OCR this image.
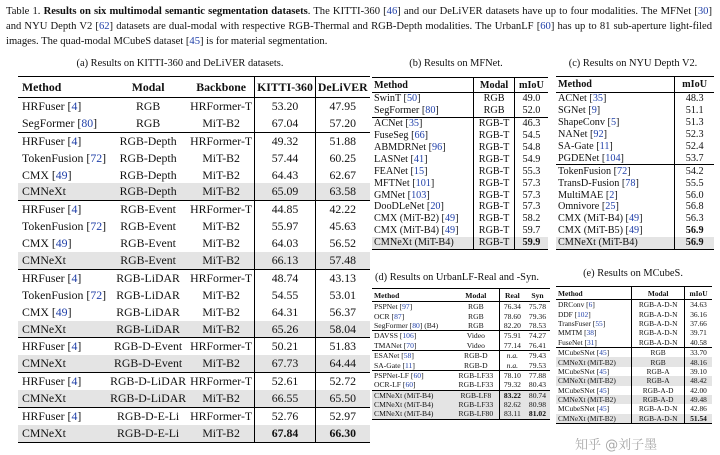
Table 1. Results on six multimodal semantic segmentation datasets. The KITTI-360 [46] and our DeLiVER datasets have up to four modalities. The MFNet [30] and NYU Depth V2 [62] datasets are dual-modal with respective RGB-Thermal and RGB-Depth modalities. The UrbanLF [60] has up to 81 sub-aperture light-filed images. The quad-modal MCubeS dataset [45] is for material segmentation.
(a) Results on KITTI-360 and DeLiVER datasets.	(b) Results on MFNet.	(c) Results on NYU Depth V2.
(d) Results on UrbanLF-Real and -Syn.	(e) Results on MCubeS.
Method	Modal	Backbone	KITTI-360	DeLiVER
HRFuser [4]	RGB	HRFormer-T	53.20	47.95
SegFormer [80]	RGB	MiT-B2	67.04	57.20
HRFuser [4]	RGB-Depth	HRFormer-T	49.32	51.88
TokenFusion [72]	RGB-Depth	MiT-B2	57.44	60.25
CMX [49]	RGB-Depth	MiT-B2	64.43	62.67
CMNeXt	RGB-Depth	MiT-B2	65.09	63.58
HRFuser [4]	RGB-Event	HRFormer-T	44.85	42.22
TokenFusion [72]	RGB-Event	MiT-B2	55.97	45.63
CMX [49]	RGB-Event	MiT-B2	64.03	56.52
CMNeXt	RGB-Event	MiT-B2	66.13	57.48
HRFuser [4]	RGB-LiDAR	HRFormer-T	48.74	43.13
TokenFusion [72]	RGB-LiDAR	MiT-B2	54.55	53.01
CMX [49]	RGB-LiDAR	MiT-B2	64.31	56.37
CMNeXt	RGB-LiDAR	MiT-B2	65.26	58.04
HRFuser [4]	RGB-D-Event	HRFormer-T	50.21	51.83
CMNeXt	RGB-D-Event	MiT-B2	67.73	64.44
HRFuser [4]	RGB-D-LiDAR	HRFormer-T	52.61	52.72
CMNeXt	RGB-D-LiDAR	MiT-B2	66.55	65.50
HRFuser [4]	RGB-D-E-Li	HRFormer-T	52.76	52.97
CMNeXt	RGB-D-E-Li	MiT-B2	67.84	66.30
Method	Modal	mIoU
SwinT [50]	RGB	49.0
SegFormer [80]	RGB	52.0
ACNet [35]	RGB-T	46.3
FuseSeg [66]	RGB-T	54.5
ABMDRNet [96]	RGB-T	54.8
LASNet [41]	RGB-T	54.9
FEANet [15]	RGB-T	55.3
MFTNet [101]	RGB-T	57.3
GMNet [103]	RGB-T	57.3
DooDLeNet [20]	RGB-T	57.3
CMX (MiT-B2) [49]	RGB-T	58.2
CMX (MiT-B4) [49]	RGB-T	59.7
CMNeXt (MiT-B4)	RGB-T	59.9
Method	mIoU
ACNet [35]	48.3
SGNet [9]	51.1
ShapeConv [5]	51.3
NANet [92]	52.3
SA-Gate [11]	52.4
PGDENet [104]	53.7
TokenFusion [72]	54.2
TransD-Fusion [78]	55.5
MultiMAE [2]	56.0
Omnivore [25]	56.8
CMX (MiT-B4) [49]	56.3
CMX (MiT-B5) [49]	56.9
CMNeXt (MiT-B4)	56.9
Method	Modal	Real	Syn
PSPNet [97]	RGB	76.34	75.78
OCR [87]	RGB	78.60	79.36
SegFormer [80] (B4)	RGB	82.20	78.53
DAVSS [106]	Video	75.91	74.27
TMANet [70]	Video	77.14	76.41
ESANet [58]	RGB-D	n.a.	79.43
SA-Gate [11]	RGB-D	n.a.	79.53
PSPNet-LF [60]	RGB-LF33	78.10	77.88
OCR-LF [60]	RGB-LF33	79.32	80.43
CMNeXt (MiT-B4)	RGB-LF8	83.22	80.74
CMNeXt (MiT-B4)	RGB-LF33	82.62	80.98
CMNeXt (MiT-B4)	RGB-LF80	83.11	81.02
Method	Modal	mIoU
DRConv [6]	RGB-A-D-N	34.63
DDF [102]	RGB-A-D-N	36.16
TransFuser [55]	RGB-A-D-N	37.66
MMTM [38]	RGB-A-D-N	39.71
FuseNet [31]	RGB-A-D-N	40.58
MCubeSNet [45]	RGB	33.70
CMNeXt (MiT-B2)	RGB	48.16
MCubeSNet [45]	RGB-A	39.10
CMNeXt (MiT-B2)	RGB-A	48.42
MCubeSNet [45]	RGB-A-D	42.00
CMNeXt (MiT-B2)	RGB-A-D	49.48
MCubeSNet [45]	RGB-A-D-N	42.86
CMNeXt (MiT-B2)	RGB-A-D-N	51.54
知乎 @刘子墨
